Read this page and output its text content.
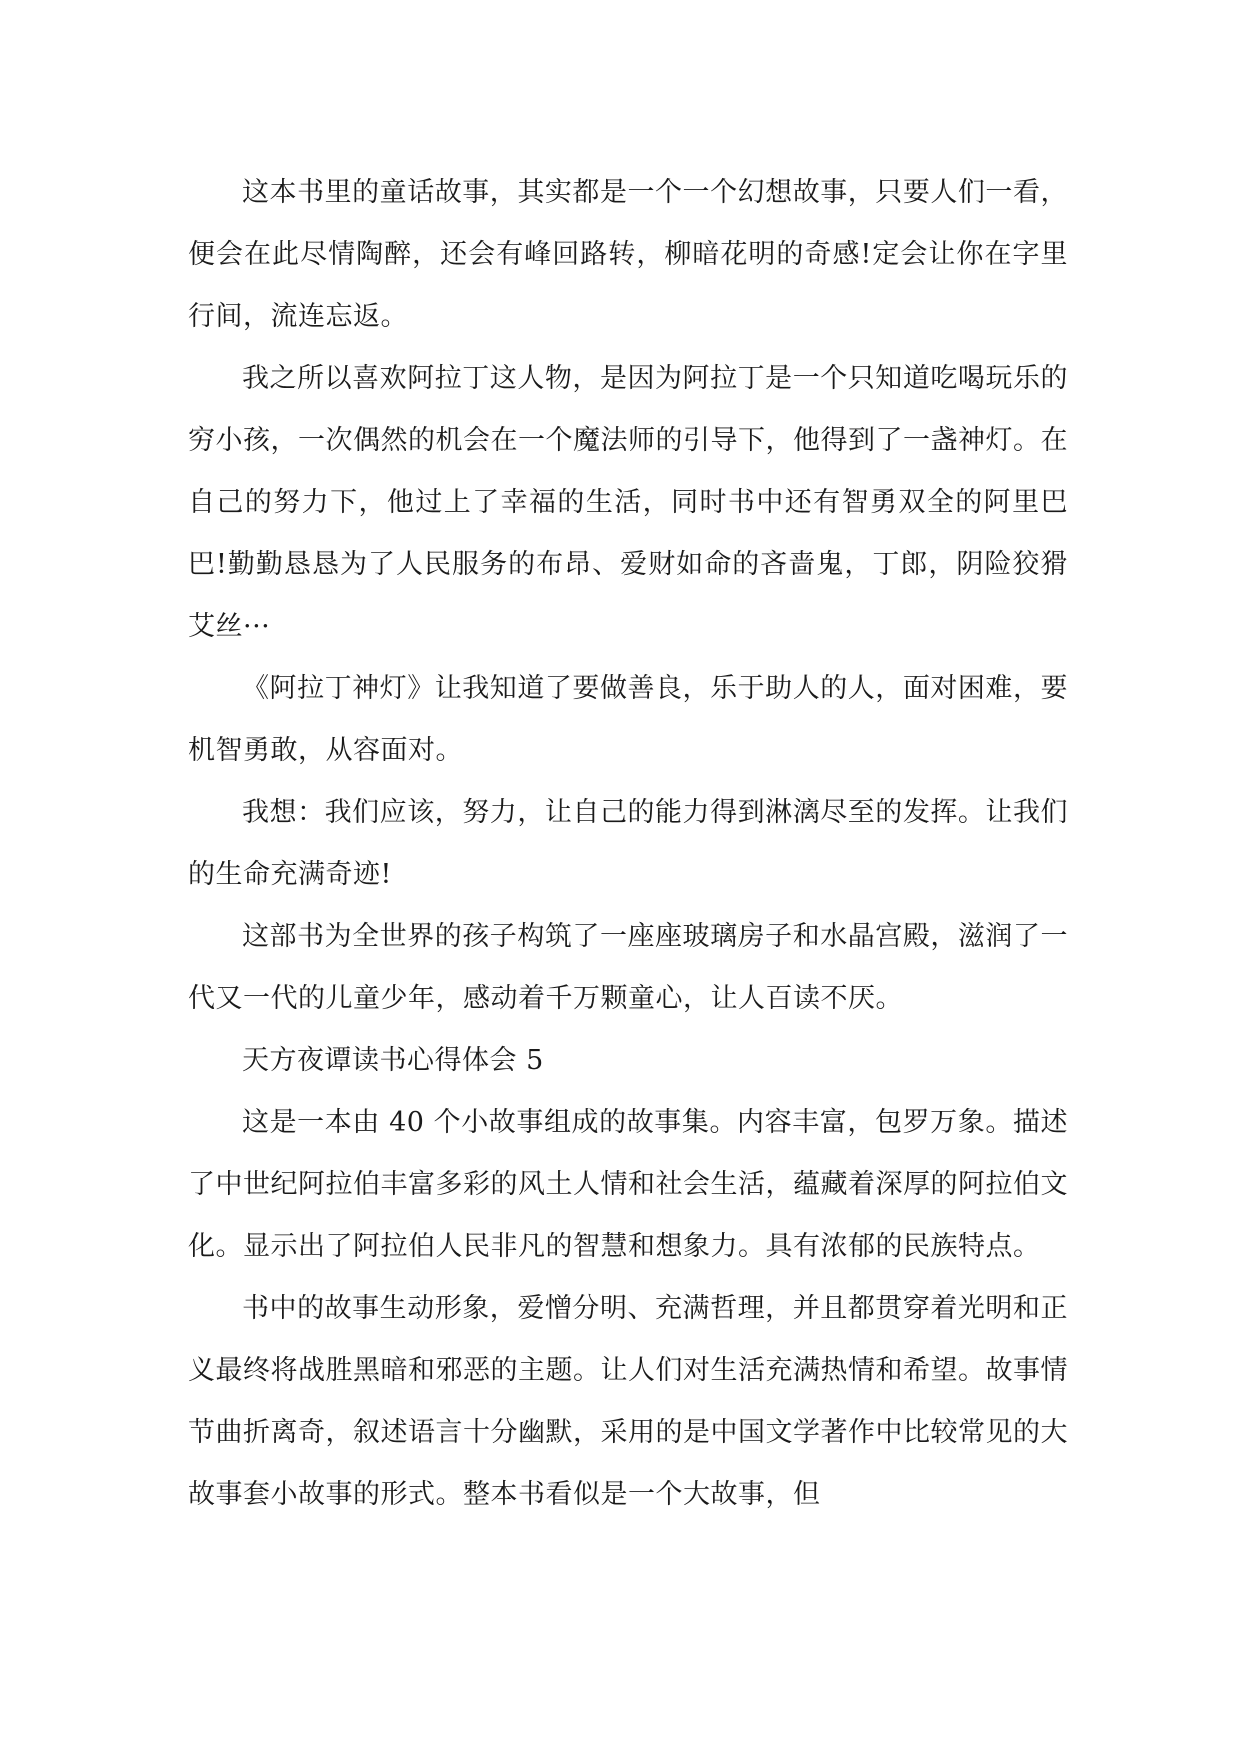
这本书里的童话故事，其实都是一个一个幻想故事，只要人们一看，便会在此尽情陶醉，还会有峰回路转，柳暗花明的奇感!定会让你在字里行间，流连忘返。

我之所以喜欢阿拉丁这人物，是因为阿拉丁是一个只知道吃喝玩乐的穷小孩，一次偶然的机会在一个魔法师的引导下，他得到了一盏神灯。在自己的努力下，他过上了幸福的生活，同时书中还有智勇双全的阿里巴巴!勤勤恳恳为了人民服务的布昂、爱财如命的吝啬鬼，丁郎，阴险狡猾艾丝···

《阿拉丁神灯》让我知道了要做善良，乐于助人的人，面对困难，要机智勇敢，从容面对。

我想：我们应该，努力，让自己的能力得到淋漓尽至的发挥。让我们的生命充满奇迹!

这部书为全世界的孩子构筑了一座座玻璃房子和水晶宫殿，滋润了一代又一代的儿童少年，感动着千万颗童心，让人百读不厌。

天方夜谭读书心得体会 5

这是一本由 40 个小故事组成的故事集。内容丰富，包罗万象。描述了中世纪阿拉伯丰富多彩的风土人情和社会生活，蕴藏着深厚的阿拉伯文化。显示出了阿拉伯人民非凡的智慧和想象力。具有浓郁的民族特点。

书中的故事生动形象，爱憎分明、充满哲理，并且都贯穿着光明和正义最终将战胜黑暗和邪恶的主题。让人们对生活充满热情和希望。故事情节曲折离奇，叙述语言十分幽默，采用的是中国文学著作中比较常见的大故事套小故事的形式。整本书看似是一个大故事，但
